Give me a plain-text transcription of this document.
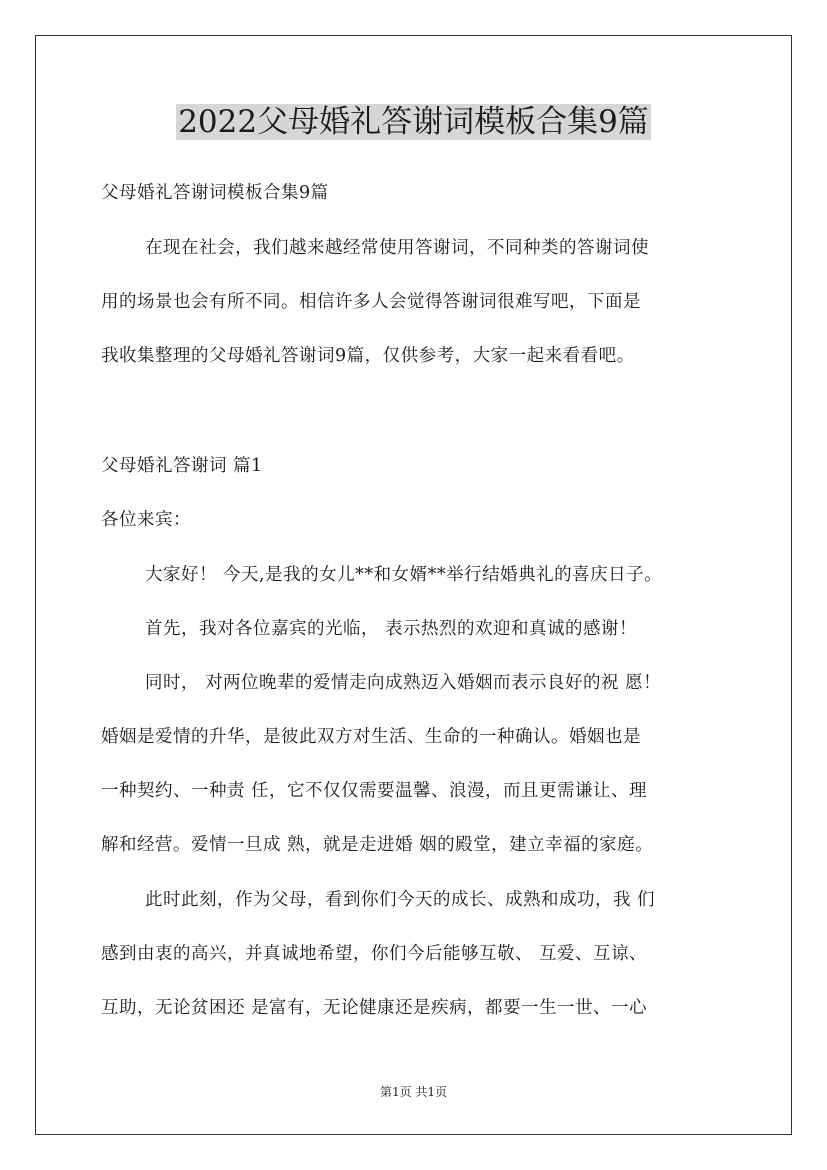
2022父母婚礼答谢词模板合集9篇
父母婚礼答谢词模板合集9篇
在现在社会，我们越来越经常使用答谢词，不同种类的答谢词使
用的场景也会有所不同。相信许多人会觉得答谢词很难写吧，下面是
我收集整理的父母婚礼答谢词9篇，仅供参考，大家一起来看看吧。
父母婚礼答谢词 篇1
各位来宾：
大家好！ 今天,是我的女儿**和女婿**举行结婚典礼的喜庆日子。
首先，我对各位嘉宾的光临， 表示热烈的欢迎和真诚的感谢！
同时， 对两位晚辈的爱情走向成熟迈入婚姻而表示良好的祝 愿！
婚姻是爱情的升华，是彼此双方对生活、生命的一种确认。婚姻也是
一种契约、一种责 任，它不仅仅需要温馨、浪漫，而且更需谦让、理
解和经营。爱情一旦成 熟，就是走进婚 姻的殿堂，建立幸福的家庭。
此时此刻，作为父母，看到你们今天的成长、成熟和成功，我 们
感到由衷的高兴，并真诚地希望，你们今后能够互敬、 互爱、互谅、
互助，无论贫困还 是富有，无论健康还是疾病，都要一生一世、一心
第1页 共1页
